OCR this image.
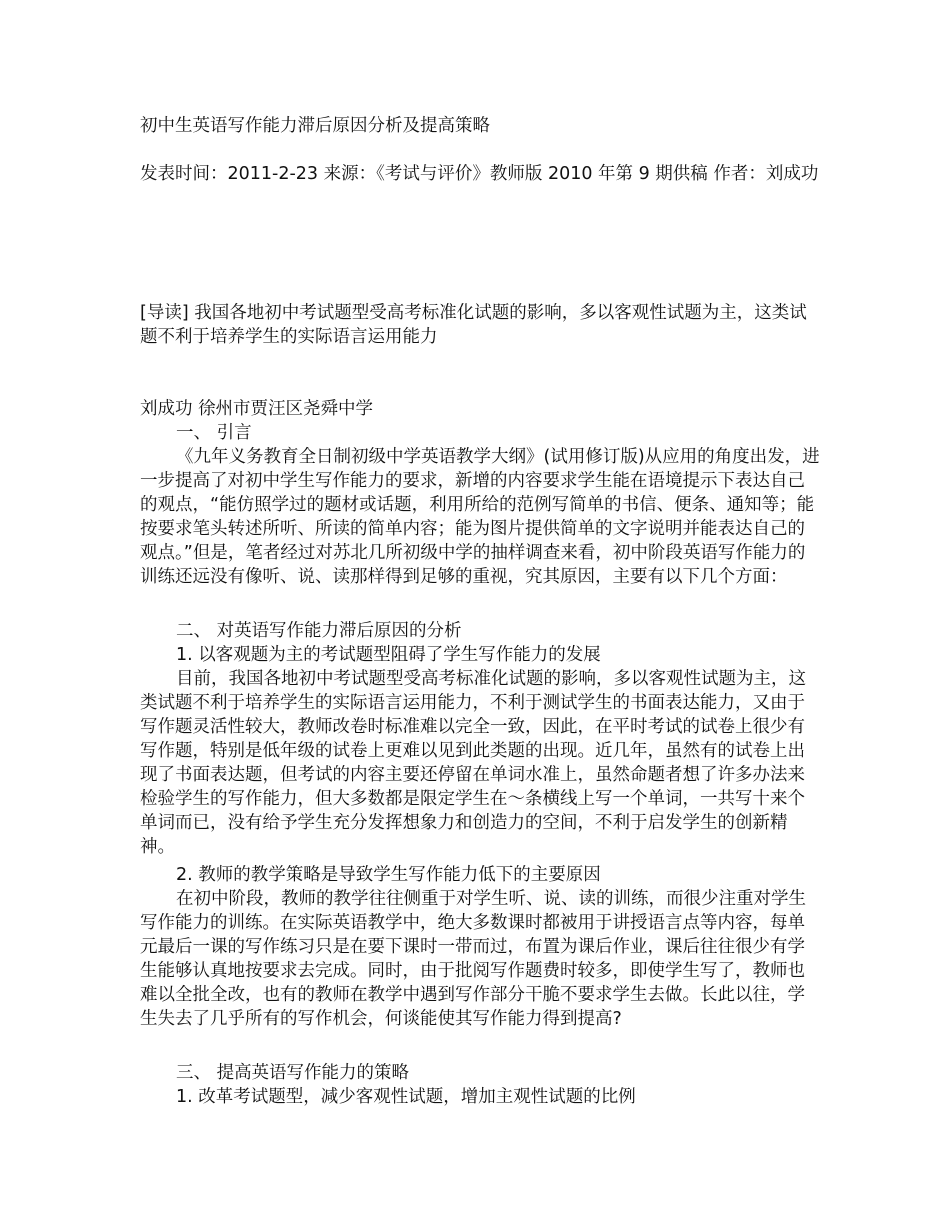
初中生英语写作能力滞后原因分析及提高策略

发表时间：2011-2-23 来源：《考试与评价》教师版 2010 年第 9 期供稿 作者：刘成功

[导读] 我国各地初中考试题型受高考标准化试题的影响，多以客观性试题为主，这类试题不利于培养学生的实际语言运用能力

刘成功 徐州市贾汪区尧舜中学

一、 引言

《九年义务教育全日制初级中学英语教学大纲》(试用修订版)从应用的角度出发，进一步提高了对初中学生写作能力的要求，新增的内容要求学生能在语境提示下表达自己的观点，“能仿照学过的题材或话题，利用所给的范例写简单的书信、便条、通知等；能按要求笔头转述所听、所读的简单内容；能为图片提供简单的文字说明并能表达自己的观点。”但是，笔者经过对苏北几所初级中学的抽样调查来看，初中阶段英语写作能力的训练还远没有像听、说、读那样得到足够的重视，究其原因，主要有以下几个方面：

二、 对英语写作能力滞后原因的分析

1. 以客观题为主的考试题型阻碍了学生写作能力的发展

目前，我国各地初中考试题型受高考标准化试题的影响，多以客观性试题为主，这类试题不利于培养学生的实际语言运用能力，不利于测试学生的书面表达能力，又由于写作题灵活性较大，教师改卷时标准难以完全一致，因此，在平时考试的试卷上很少有写作题，特别是低年级的试卷上更难以见到此类题的出现。近几年，虽然有的试卷上出现了书面表达题，但考试的内容主要还停留在单词水准上，虽然命题者想了许多办法来检验学生的写作能力，但大多数都是限定学生在～条横线上写一个单词，一共写十来个单词而已，没有给予学生充分发挥想象力和创造力的空间，不利于启发学生的创新精神。

2. 教师的教学策略是导致学生写作能力低下的主要原因

在初中阶段，教师的教学往往侧重于对学生听、说、读的训练，而很少注重对学生写作能力的训练。在实际英语教学中，绝大多数课时都被用于讲授语言点等内容，每单元最后一课的写作练习只是在要下课时一带而过，布置为课后作业，课后往往很少有学生能够认真地按要求去完成。同时，由于批阅写作题费时较多，即使学生写了，教师也难以全批全改，也有的教师在教学中遇到写作部分干脆不要求学生去做。长此以往，学生失去了几乎所有的写作机会，何谈能使其写作能力得到提高?

三、 提高英语写作能力的策略

1. 改革考试题型，减少客观性试题，增加主观性试题的比例
